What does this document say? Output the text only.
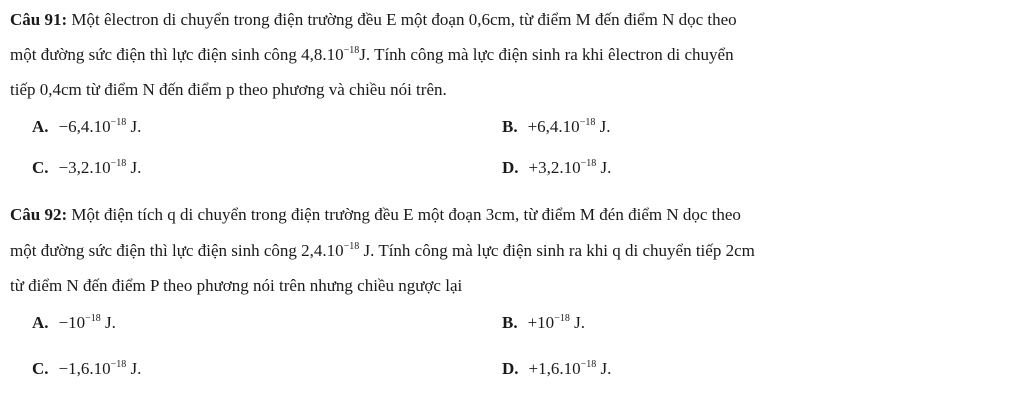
Câu 91: Một êlectron di chuyển trong điện trường đều E một đoạn 0,6cm, từ điểm M đến điểm N dọc theo
một đường sức điện thì lực điện sinh công $4,8.10^{-18}J$. Tính công mà lực điện sinh ra khi êlectron di chuyển
tiếp 0,4cm từ điểm N đến điểm p theo phương và chiều nói trên.
A. $-6,4.10^{-18}$ J.	B. $+6,4.10^{-18}$ J.
C. $-3,2.10^{-18}$ J.	D. $+3,2.10^{-18}$ J.
Câu 92: Một điện tích q di chuyển trong điện trường đều E một đoạn 3cm, từ điểm M đén điểm N dọc theo
một đường sức điện thì lực điện sinh công $2,4.10^{-18}$ J. Tính công mà lực điện sinh ra khi q di chuyển tiếp 2cm
từ điểm N đến điểm P theo phương nói trên nhưng chiều ngược lại
A. $-10^{-18}$ J.	B. $+10^{-18}$ J.
C. $-1,6.10^{-18}$ J.	D. $+1,6.10^{-18}$ J.
